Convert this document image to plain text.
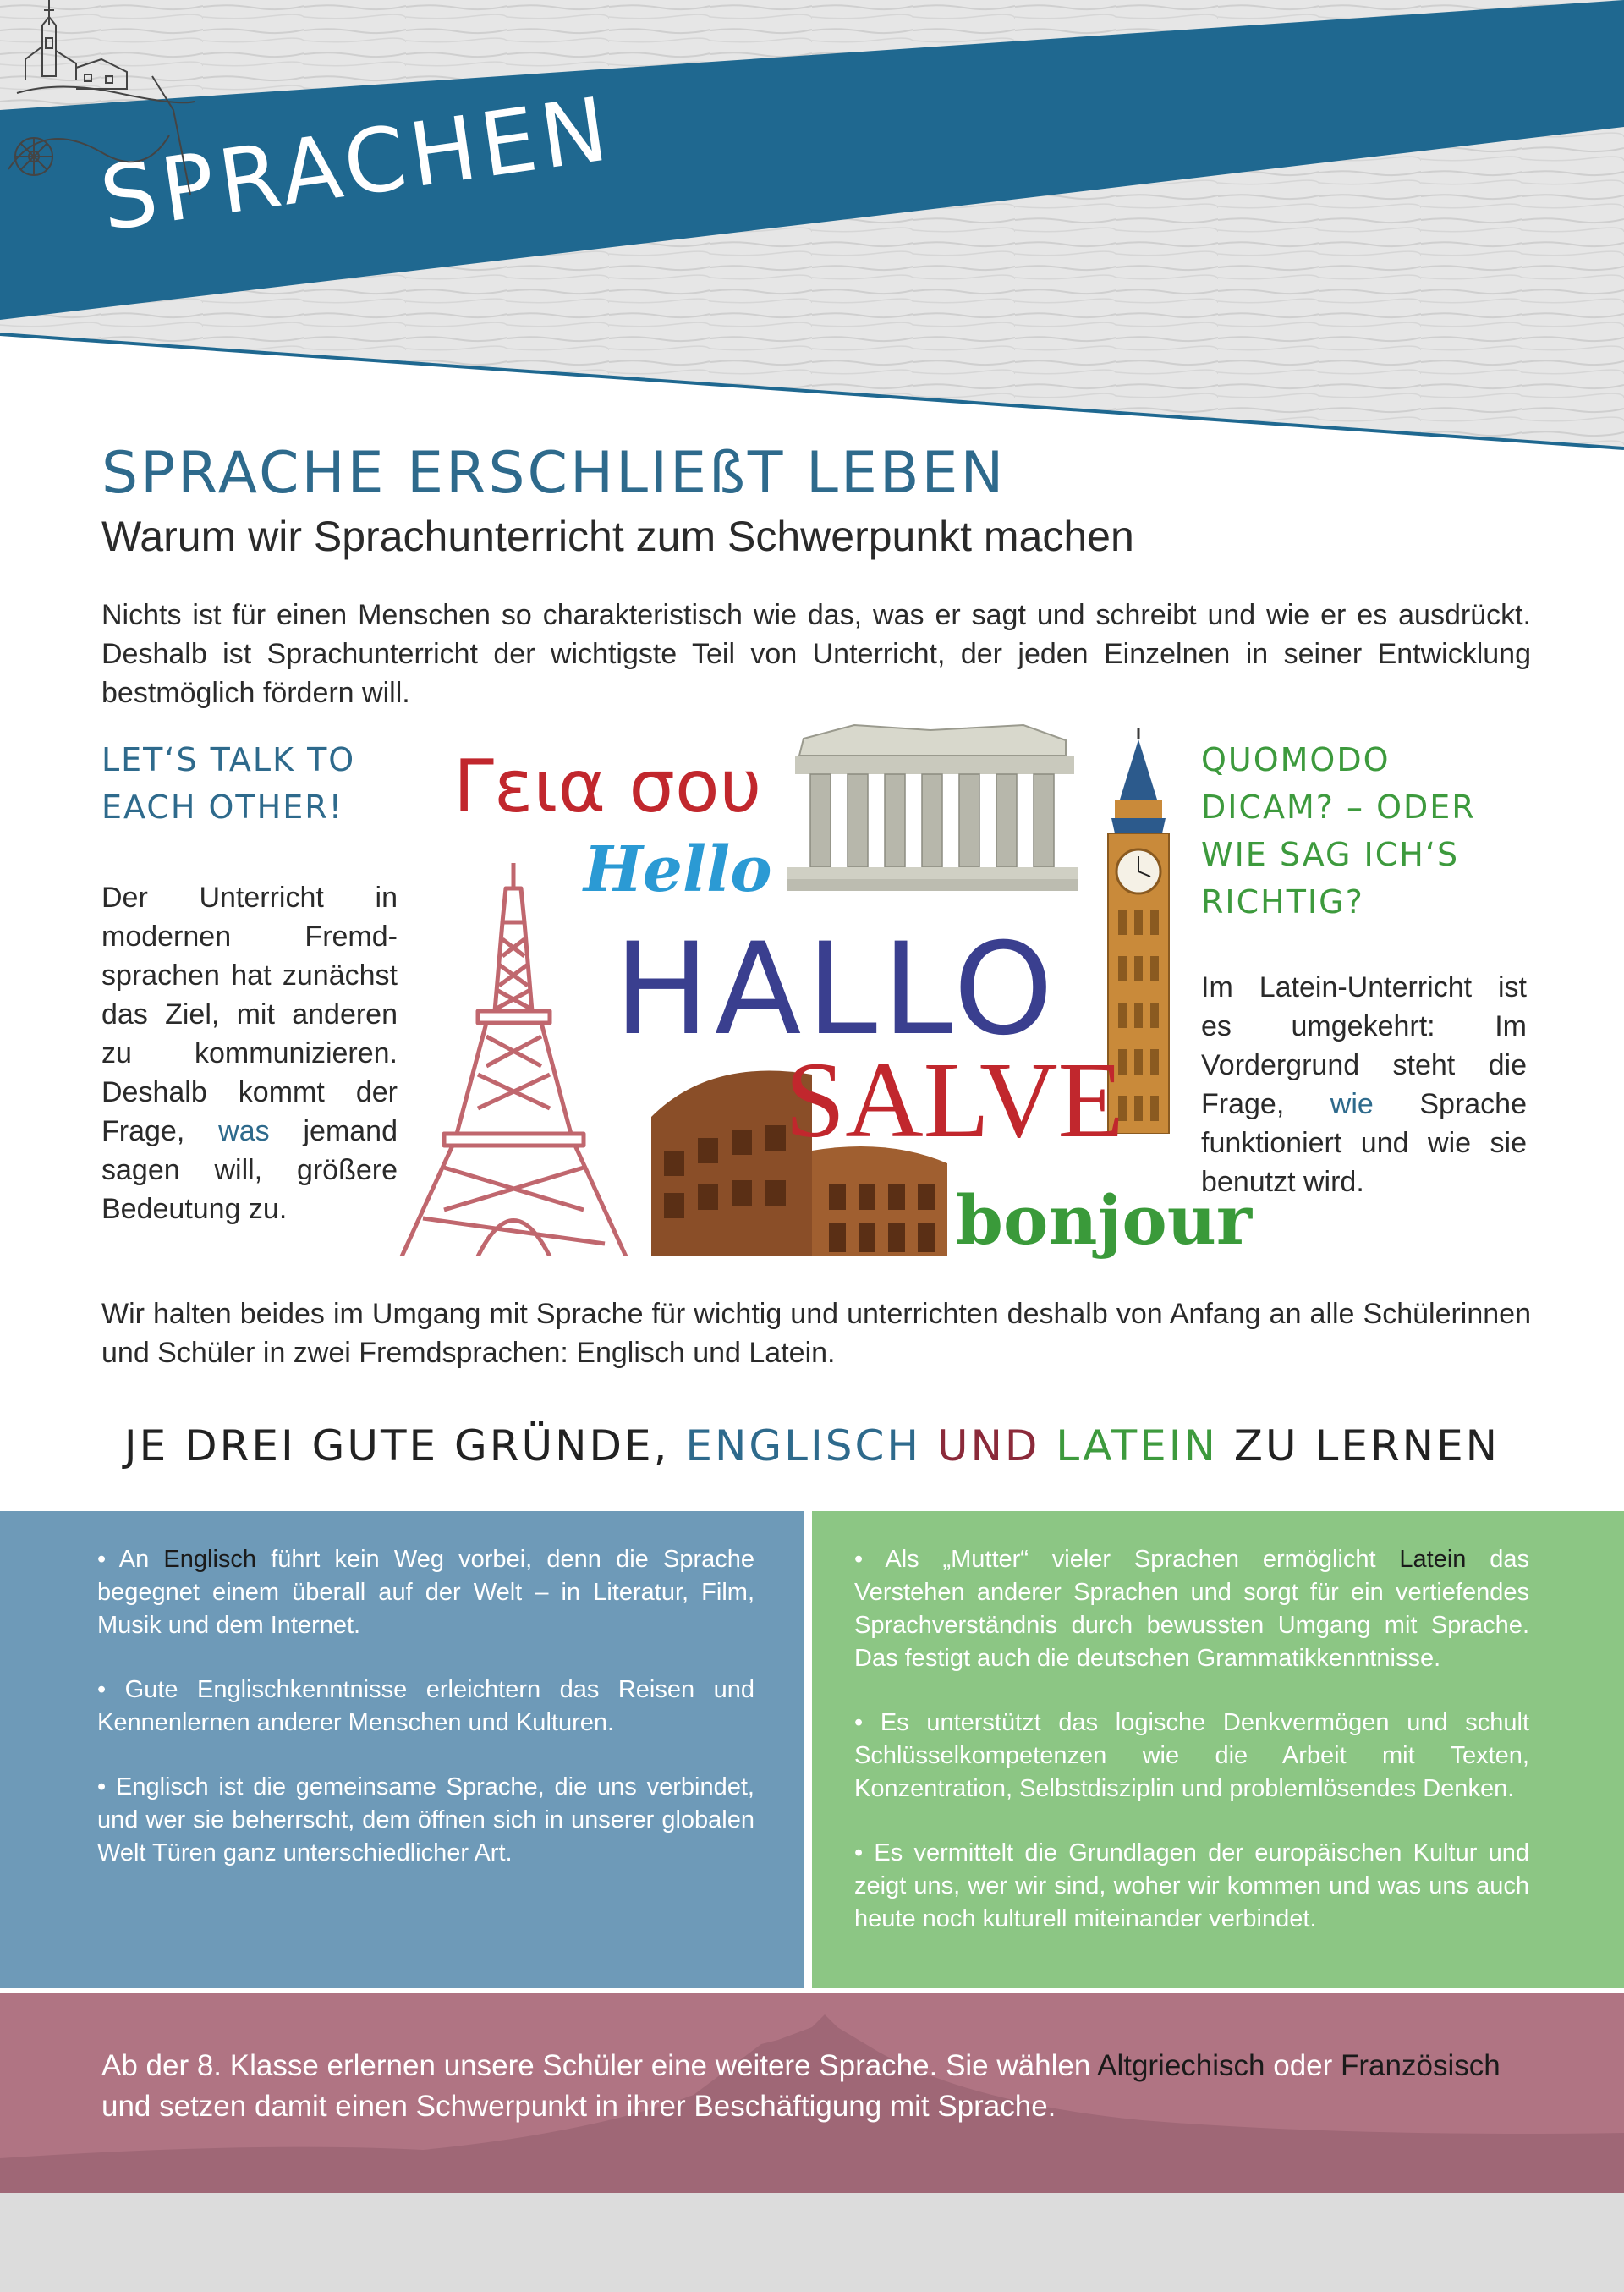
SPRACHEN
SPRACHE ERSCHLIEßT LEBEN
Warum wir Sprachunterricht zum Schwerpunkt machen

Nichts ist für einen Menschen so charakteristisch wie das, was er sagt und schreibt und wie er es ausdrückt. Deshalb ist Sprachunterricht der wichtigste Teil von Unterricht, der jeden Einzelnen in seiner Entwicklung bestmöglich fördern will.

LET‘S TALK TO EACH OTHER!

Der Unterricht in modernen Fremd-sprachen hat zunächst das Ziel, mit anderen zu kommunizieren. Deshalb kommt der Frage, was jemand sagen will, größere Bedeutung zu.

Γεια σου
Hello
HALLO
SALVE
bonjour
QUOMODO DICAM? – ODER WIE SAG ICH‘S RICHTIG?

Im Latein-Unterricht ist es umgekehrt: Im Vordergrund steht die Frage, wie Sprache funktioniert und wie sie benutzt wird.

Wir halten beides im Umgang mit Sprache für wichtig und unterrichten deshalb von Anfang an alle Schülerinnen und Schüler in zwei Fremdsprachen: Englisch und Latein.

JE DREI GUTE GRÜNDE, ENGLISCH UND LATEIN ZU LERNEN

• An Englisch führt kein Weg vorbei, denn die Sprache begegnet einem überall auf der Welt – in Literatur, Film, Musik und dem Internet.

• Gute Englischkenntnisse erleichtern das Reisen und Kennenlernen anderer Menschen und Kulturen.

• Englisch ist die gemeinsame Sprache, die uns verbindet, und wer sie beherrscht, dem öffnen sich in unserer globalen Welt Türen ganz unterschiedlicher Art.

• Als „Mutter“ vieler Sprachen ermöglicht Latein das Verstehen anderer Sprachen und sorgt für ein vertiefendes Sprachverständnis durch bewussten Umgang mit Sprache. Das festigt auch die deutschen Grammatikkenntnisse.

• Es unterstützt das logische Denkvermögen und schult Schlüsselkompetenzen wie die Arbeit mit Texten, Konzentration, Selbstdisziplin und problemlösendes Denken.

• Es vermittelt die Grundlagen der europäischen Kultur und zeigt uns, wer wir sind, woher wir kommen und was uns auch heute noch kulturell miteinander verbindet.

Ab der 8. Klasse erlernen unsere Schüler eine weitere Sprache. Sie wählen Altgriechisch oder Französisch und setzen damit einen Schwerpunkt in ihrer Beschäftigung mit Sprache.
